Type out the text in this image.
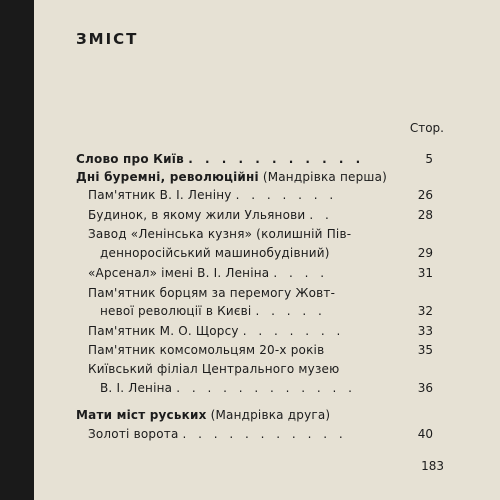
ЗМІСТ
Стор.
Слово про Київ . . . . . . . . . . .	5
Дні буремні, революційні (Мандрівка перша)
Пам'ятник В. І. Леніну . . . . . . .	26
Будинок, в якому жили Ульянови . .	28
Завод «Ленінська кузня» (колишній Пів-
денноросійський машинобудівний)	29
«Арсенал» імені В. І. Леніна . . . .	31
Пам'ятник борцям за перемогу Жовт-
невої революції в Києві . . . . .	32
Пам'ятник М. О. Щорсу . . . . . . .	33
Пам'ятник комсомольцям 20-х років	35
Київський філіал Центрального музею
В. І. Леніна . . . . . . . . . . . .	36
Мати міст руських (Мандрівка друга)
Золоті ворота . . . . . . . . . . .	40
183
